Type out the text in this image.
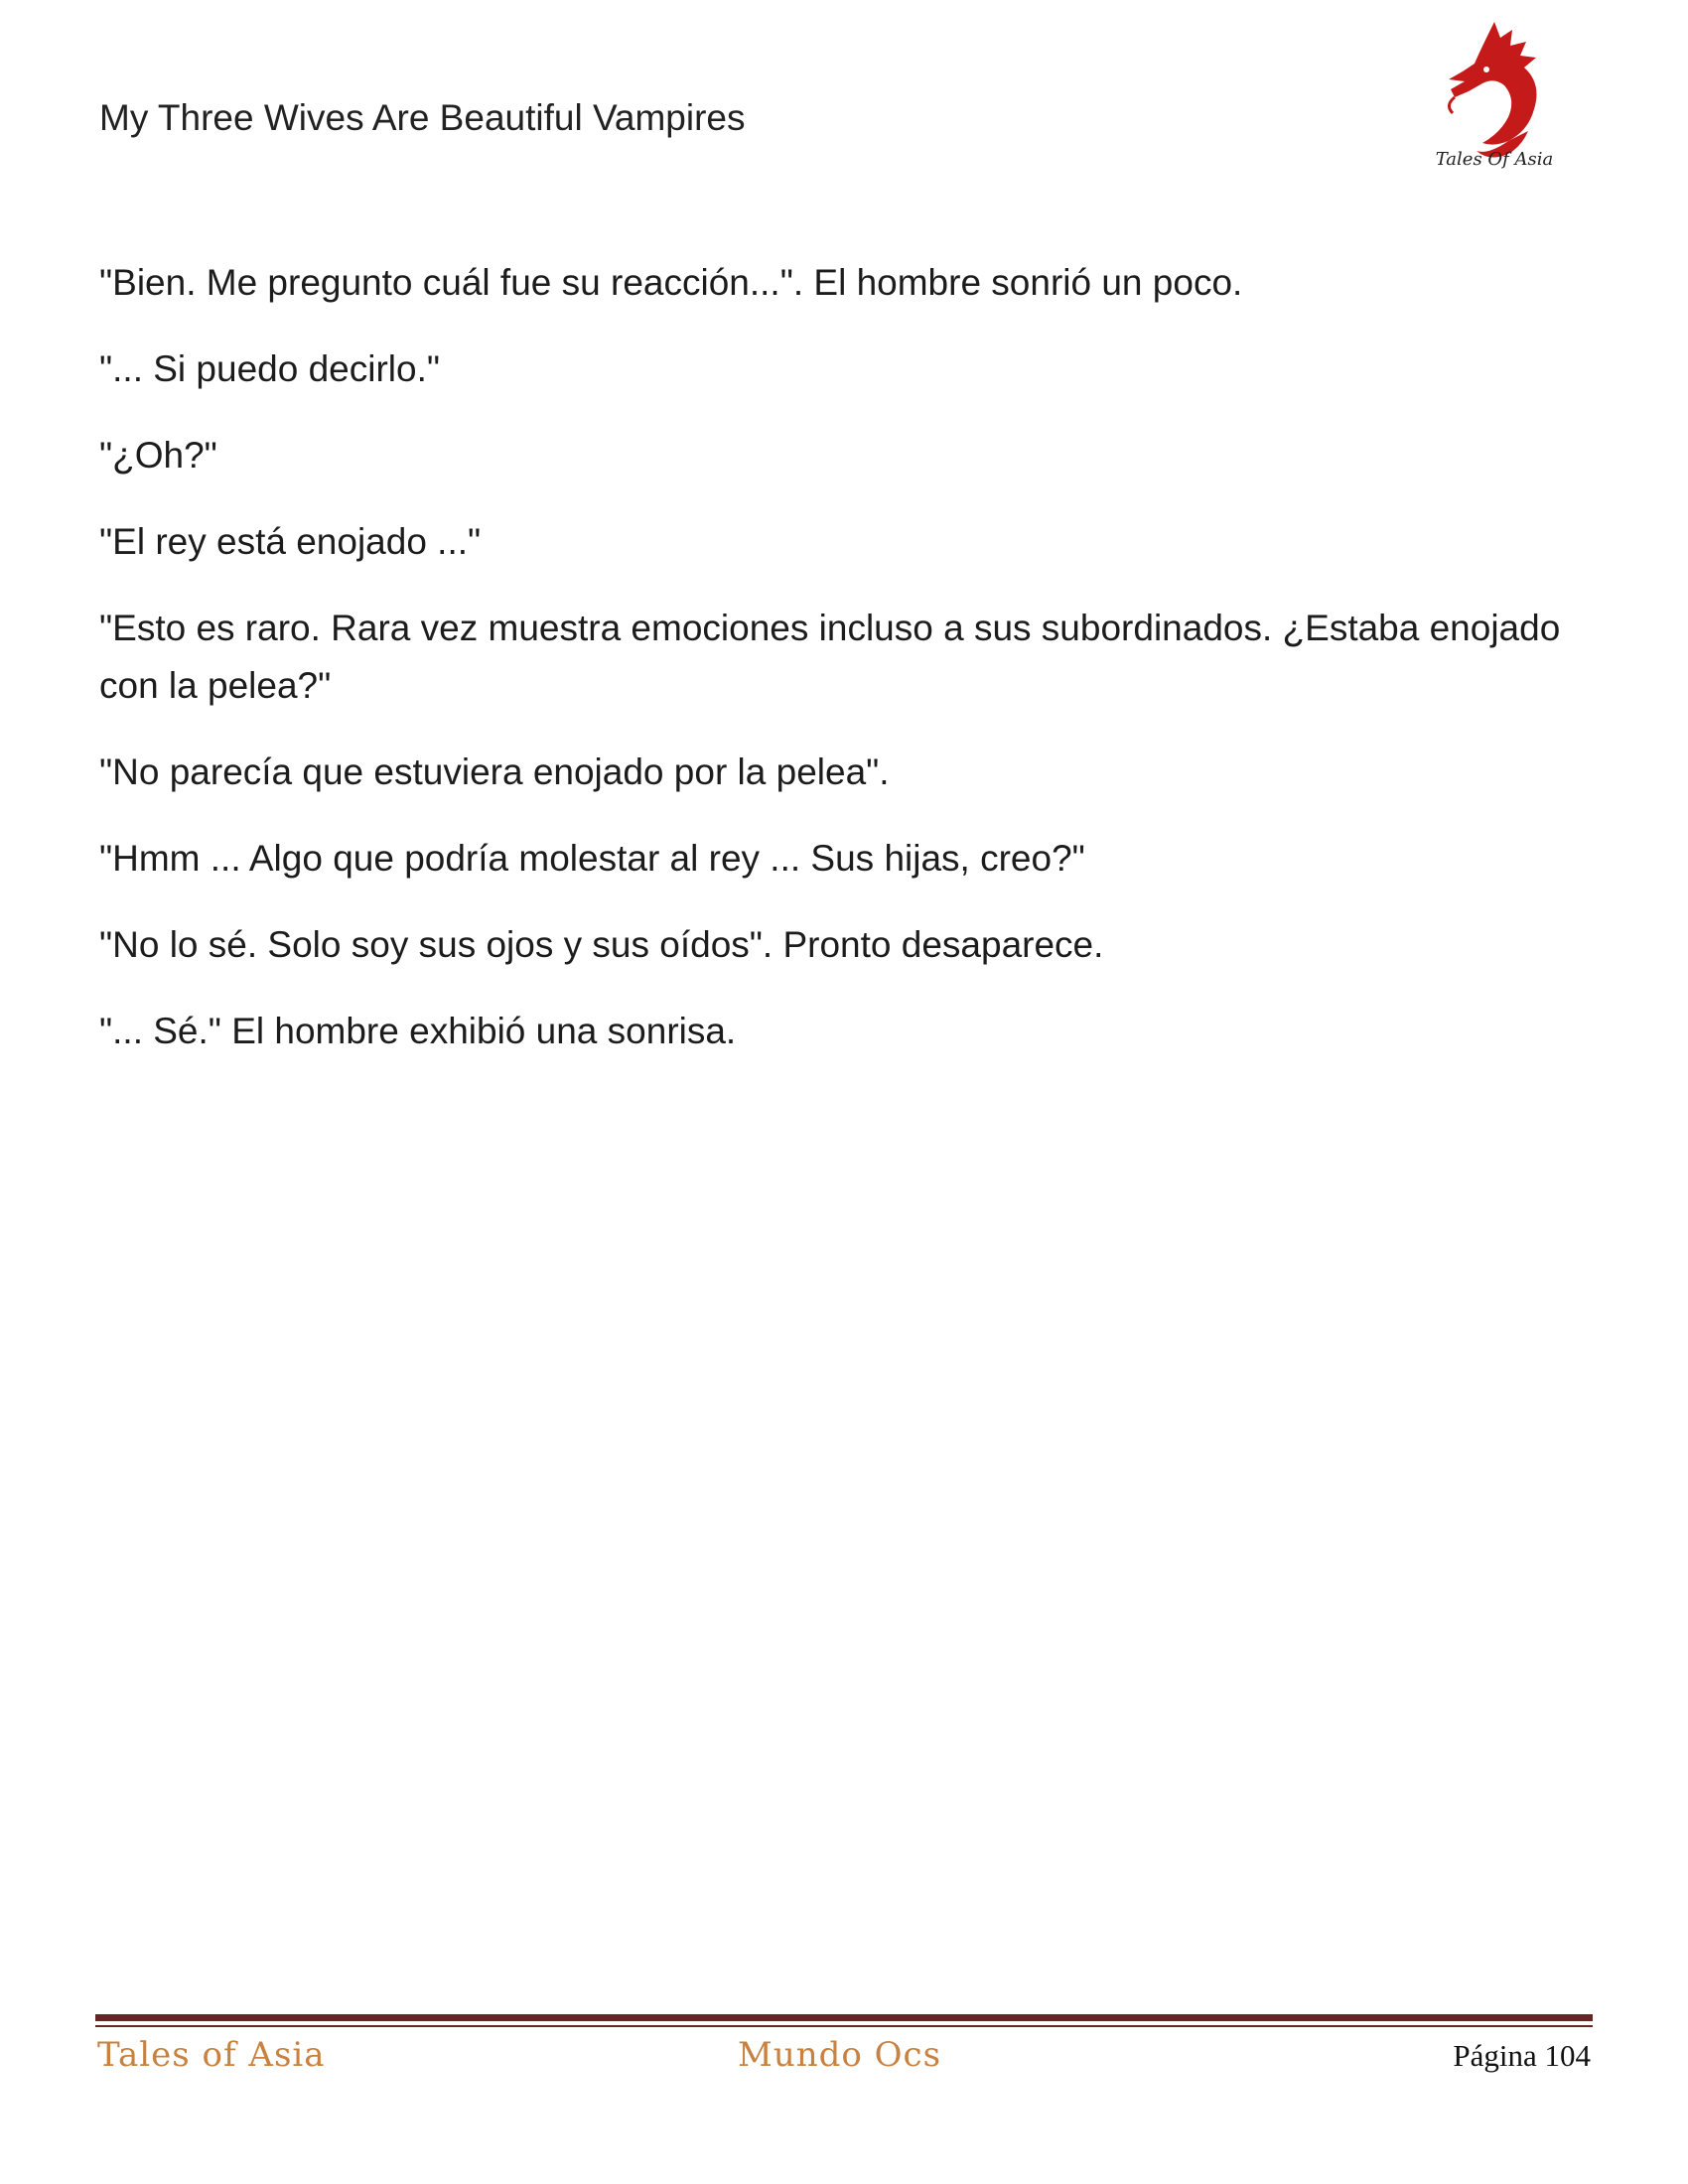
My Three Wives Are Beautiful Vampires
Tales Of Asia

"Bien. Me pregunto cuál fue su reacción...". El hombre sonrió un poco.

"... Si puedo decirlo."

"¿Oh?"

"El rey está enojado ..."

"Esto es raro. Rara vez muestra emociones incluso a sus subordinados. ¿Estaba enojado con la pelea?"

"No parecía que estuviera enojado por la pelea".

"Hmm ... Algo que podría molestar al rey ... Sus hijas, creo?"

"No lo sé. Solo soy sus ojos y sus oídos". Pronto desaparece.

"... Sé." El hombre exhibió una sonrisa.

Tales of Asia	Mundo Ocs	Página 104
